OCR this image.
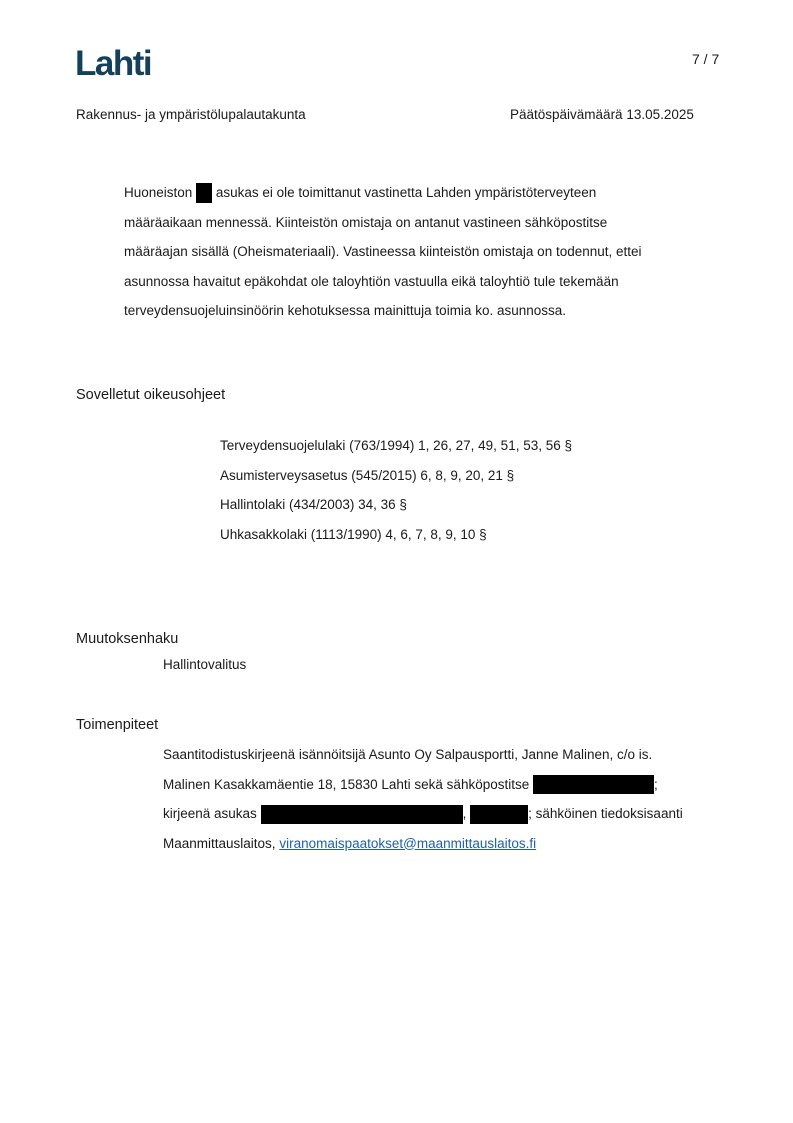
Lahti	7 / 7
Rakennus- ja ympäristölupalautakunta	Päätöspäivämäärä 13.05.2025
Huoneiston asukas ei ole toimittanut vastinetta Lahden ympäristöterveyteen
määräaikaan mennessä. Kiinteistön omistaja on antanut vastineen sähköpostitse
määräajan sisällä (Oheismateriaali). Vastineessa kiinteistön omistaja on todennut, ettei
asunnossa havaitut epäkohdat ole taloyhtiön vastuulla eikä taloyhtiö tule tekemään
terveydensuojeluinsinöörin kehotuksessa mainittuja toimia ko. asunnossa.
Sovelletut oikeusohjeet
Terveydensuojelulaki (763/1994) 1, 26, 27, 49, 51, 53, 56 §
Asumisterveysasetus (545/2015) 6, 8, 9, 20, 21 §
Hallintolaki (434/2003) 34, 36 §
Uhkasakkolaki (1113/1990) 4, 6, 7, 8, 9, 10 §
Muutoksenhaku
Hallintovalitus
Toimenpiteet
Saantitodistuskirjeenä isännöitsijä Asunto Oy Salpausportti, Janne Malinen, c/o is.
Malinen Kasakkamäentie 18, 15830 Lahti sekä sähköpostitse	;
kirjeenä asukas	,	; sähköinen tiedoksisaanti
Maanmittauslaitos, viranomaispaatokset@maanmittauslaitos.fi
